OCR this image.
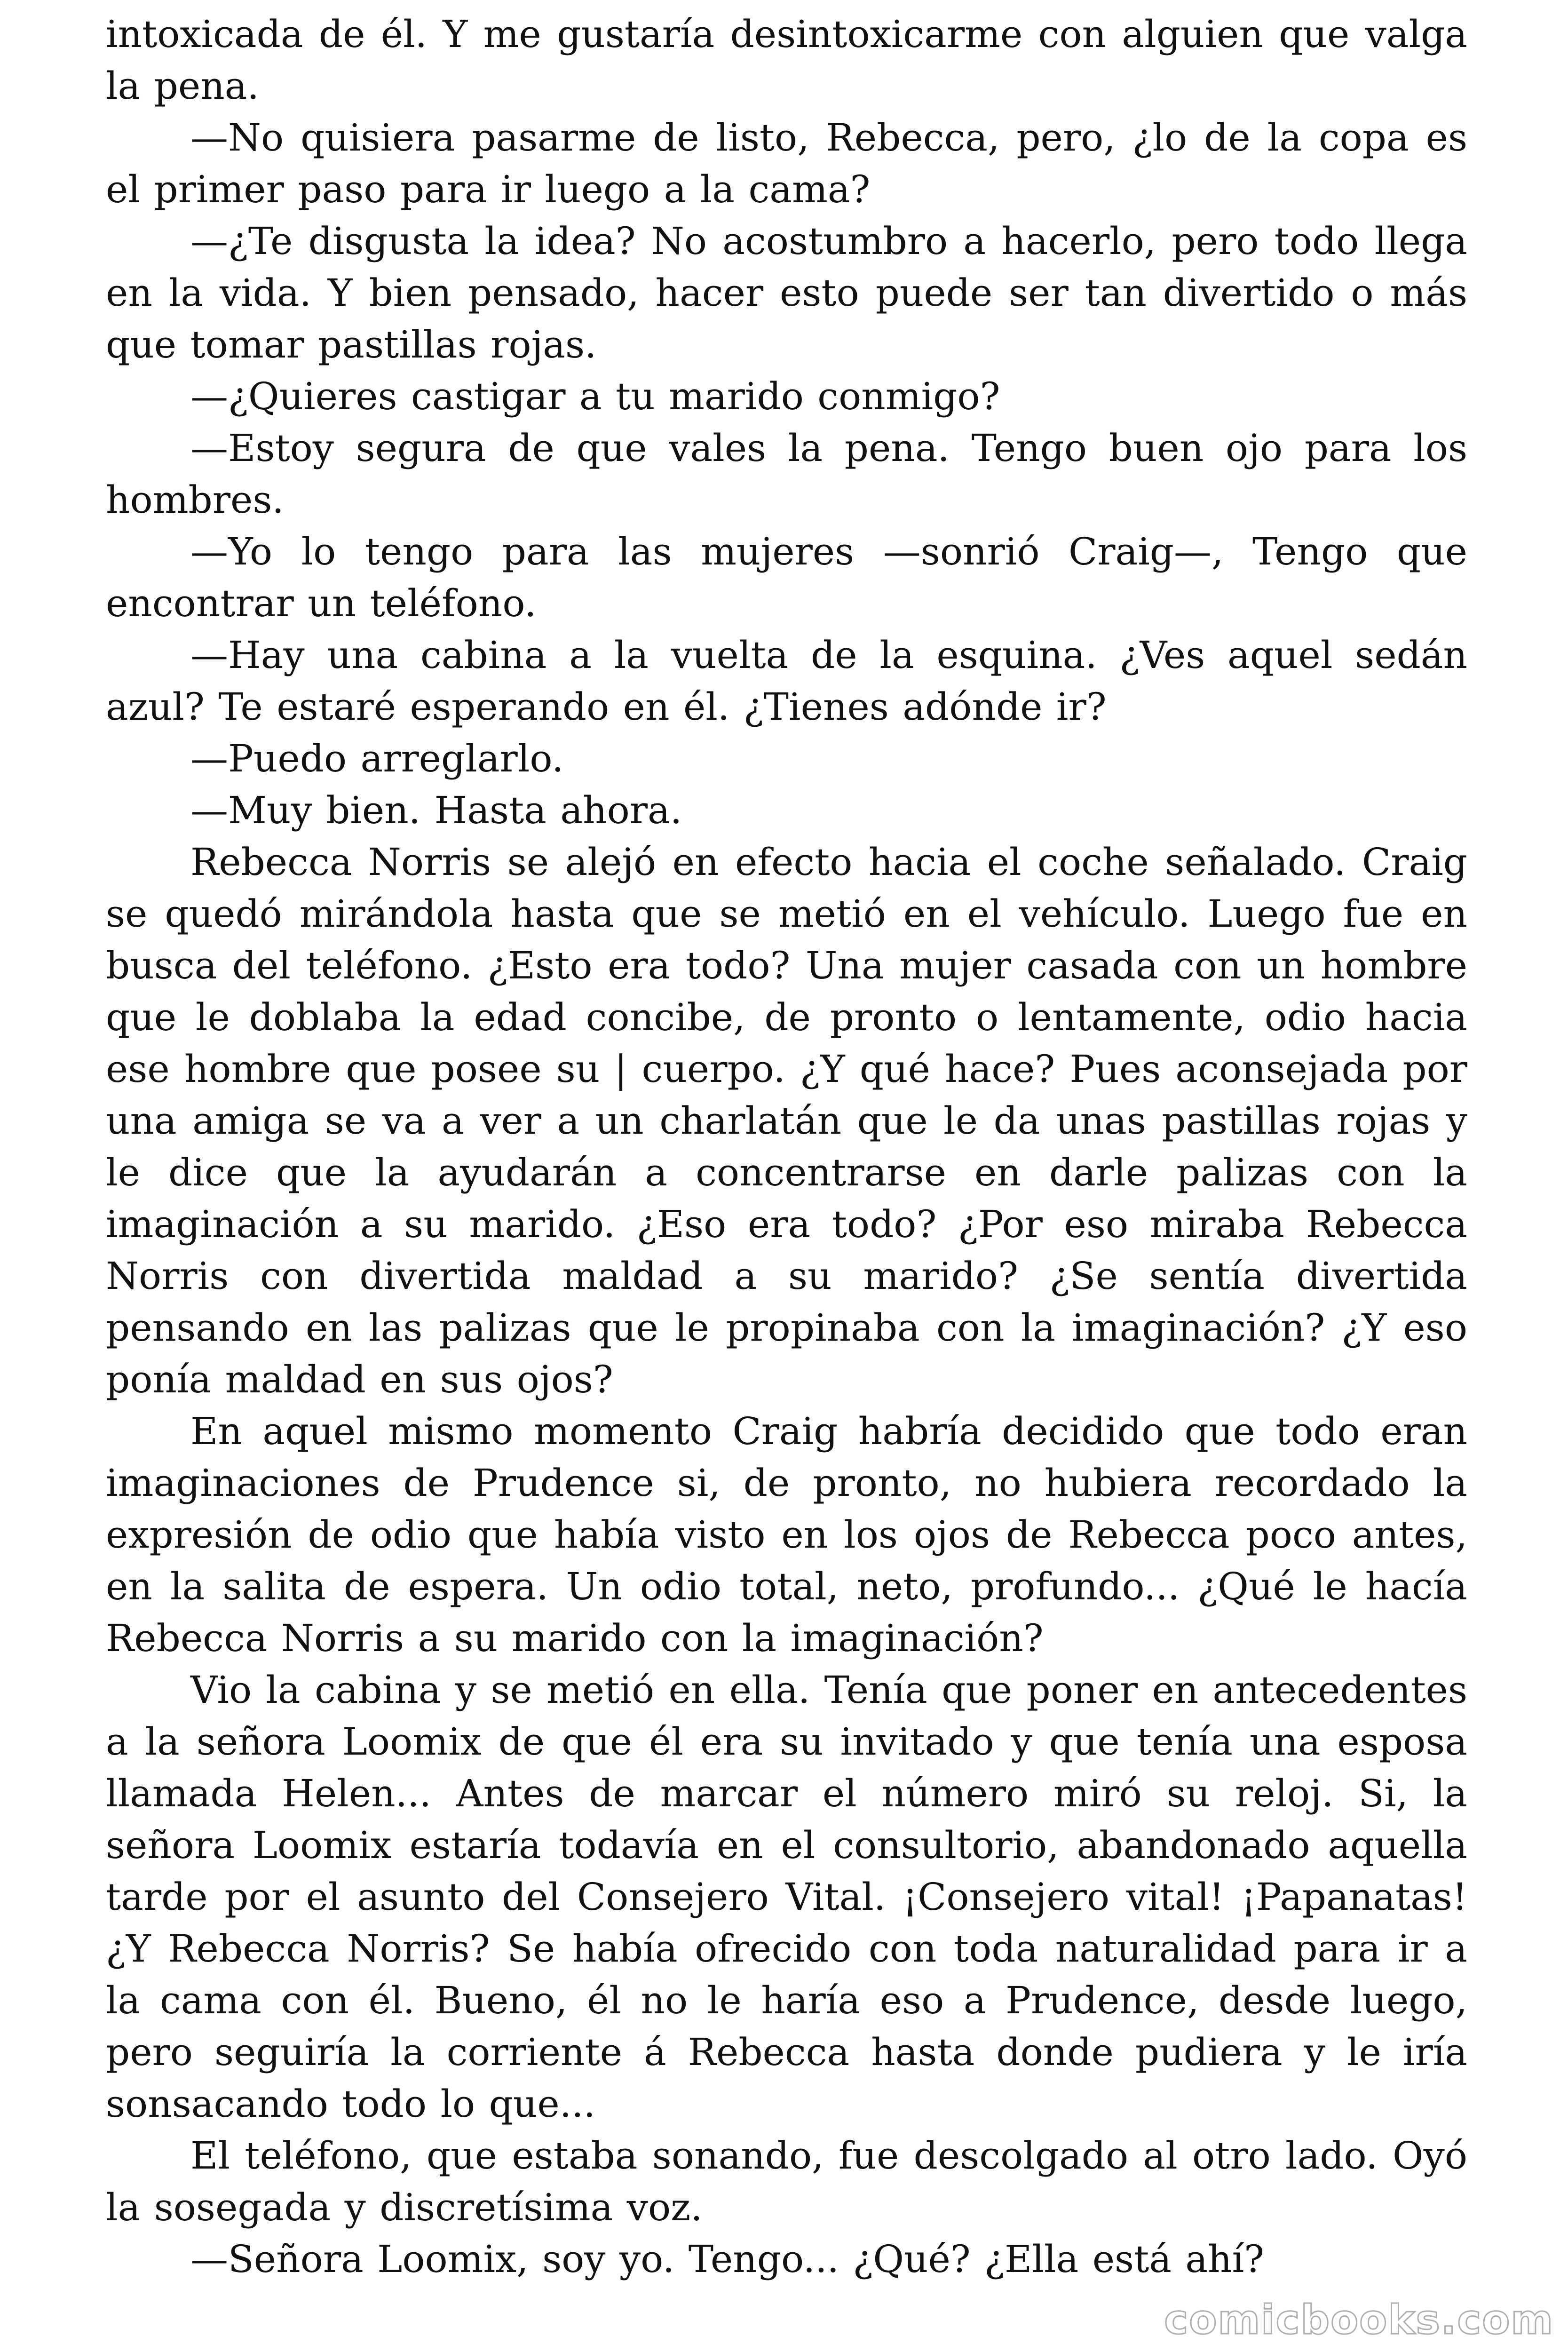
intoxicada de él. Y me gustaría desintoxicarme con alguien que valga la pena.

—No quisiera pasarme de listo, Rebecca, pero, ¿lo de la copa es el primer paso para ir luego a la cama?

—¿Te disgusta la idea? No acostumbro a hacerlo, pero todo llega en la vida. Y bien pensado, hacer esto puede ser tan divertido o más que tomar pastillas rojas.

—¿Quieres castigar a tu marido conmigo?

—Estoy segura de que vales la pena. Tengo buen ojo para los hombres.

—Yo lo tengo para las mujeres —sonrió Craig—, Tengo que encontrar un teléfono.

—Hay una cabina a la vuelta de la esquina. ¿Ves aquel sedán azul? Te estaré esperando en él. ¿Tienes adónde ir?

—Puedo arreglarlo.

—Muy bien. Hasta ahora.

Rebecca Norris se alejó en efecto hacia el coche señalado. Craig se quedó mirándola hasta que se metió en el vehículo. Luego fue en busca del teléfono. ¿Esto era todo? Una mujer casada con un hombre que le doblaba la edad concibe, de pronto o lentamente, odio hacia ese hombre que posee su | cuerpo. ¿Y qué hace? Pues aconsejada por una amiga se va a ver a un charlatán que le da unas pastillas rojas y le dice que la ayudarán a concentrarse en darle palizas con la imaginación a su marido. ¿Eso era todo? ¿Por eso miraba Rebecca Norris con divertida maldad a su marido? ¿Se sentía divertida pensando en las palizas que le propinaba con la imaginación? ¿Y eso ponía maldad en sus ojos?

En aquel mismo momento Craig habría decidido que todo eran imaginaciones de Prudence si, de pronto, no hubiera recordado la expresión de odio que había visto en los ojos de Rebecca poco antes, en la salita de espera. Un odio total, neto, profundo... ¿Qué le hacía Rebecca Norris a su marido con la imaginación?

Vio la cabina y se metió en ella. Tenía que poner en antecedentes a la señora Loomix de que él era su invitado y que tenía una esposa llamada Helen... Antes de marcar el número miró su reloj. Si, la señora Loomix estaría todavía en el consultorio, abandonado aquella tarde por el asunto del Consejero Vital. ¡Consejero vital! ¡Papanatas! ¿Y Rebecca Norris? Se había ofrecido con toda naturalidad para ir a la cama con él. Bueno, él no le haría eso a Prudence, desde luego, pero seguiría la corriente á Rebecca hasta donde pudiera y le iría sonsacando todo lo que...

El teléfono, que estaba sonando, fue descolgado al otro lado. Oyó la sosegada y discretísima voz.

—Señora Loomix, soy yo. Tengo... ¿Qué? ¿Ella está ahí?

comicbooks.com
